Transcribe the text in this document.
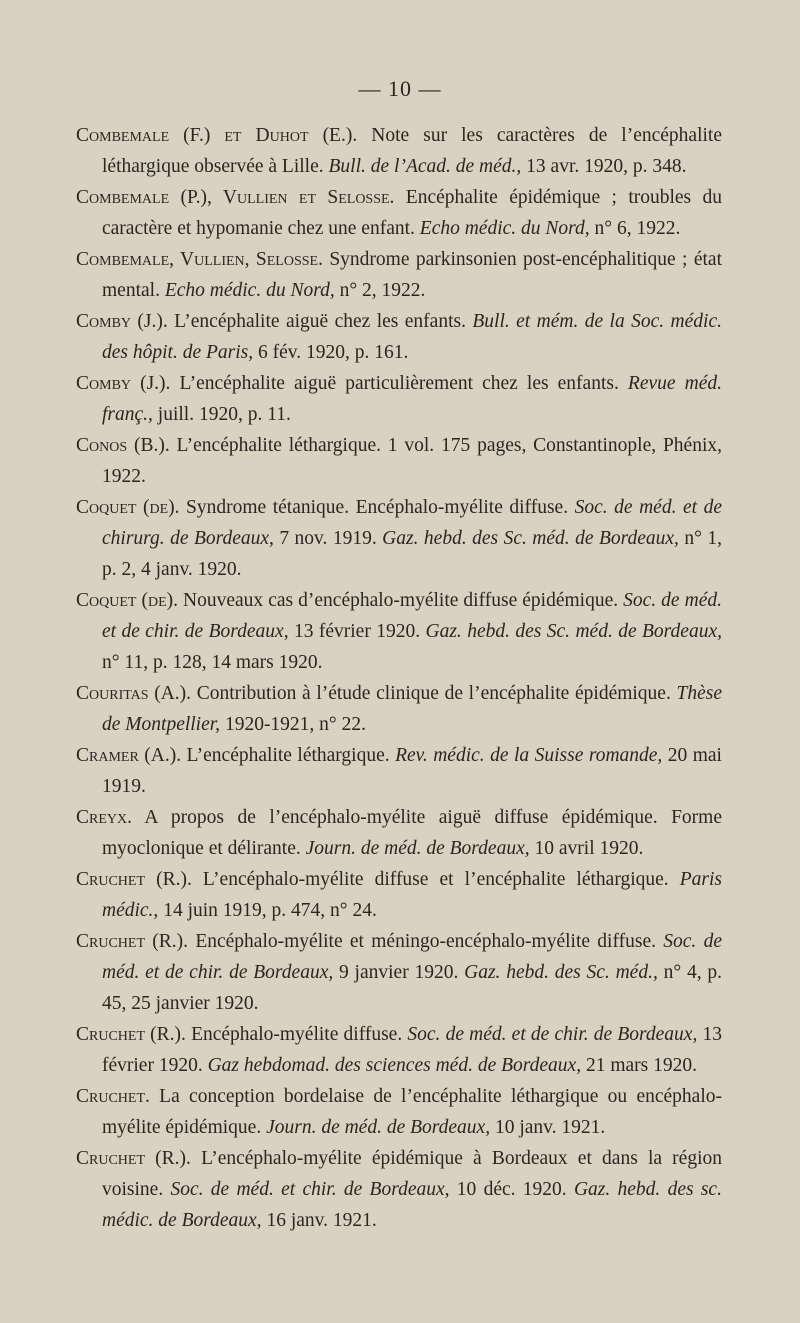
— 10 —
Combemale (F.) et Duhot (E.). Note sur les caractères de l’encéphalite léthargique observée à Lille. Bull. de l’Acad. de méd., 13 avr. 1920, p. 348.
Combemale (P.), Vullien et Selosse. Encéphalite épidémique ; troubles du caractère et hypomanie chez une enfant. Echo médic. du Nord, n° 6, 1922.
Combemale, Vullien, Selosse. Syndrome parkinsonien post-encéphalitique ; état mental. Echo médic. du Nord, n° 2, 1922.
Comby (J.). L’encéphalite aiguë chez les enfants. Bull. et mém. de la Soc. médic. des hôpit. de Paris, 6 fév. 1920, p. 161.
Comby (J.). L’encéphalite aiguë particulièrement chez les enfants. Revue méd. franç., juill. 1920, p. 11.
Conos (B.). L’encéphalite léthargique. 1 vol. 175 pages, Constantinople, Phénix, 1922.
Coquet (de). Syndrome tétanique. Encéphalo-myélite diffuse. Soc. de méd. et de chirurg. de Bordeaux, 7 nov. 1919. Gaz. hebd. des Sc. méd. de Bordeaux, n° 1, p. 2, 4 janv. 1920.
Coquet (de). Nouveaux cas d’encéphalo-myélite diffuse épidémique. Soc. de méd. et de chir. de Bordeaux, 13 février 1920. Gaz. hebd. des Sc. méd. de Bordeaux, n° 11, p. 128, 14 mars 1920.
Couritas (A.). Contribution à l’étude clinique de l’encéphalite épidémique. Thèse de Montpellier, 1920-1921, n° 22.
Cramer (A.). L’encéphalite léthargique. Rev. médic. de la Suisse romande, 20 mai 1919.
Creyx. A propos de l’encéphalo-myélite aiguë diffuse épidémique. Forme myoclonique et délirante. Journ. de méd. de Bordeaux, 10 avril 1920.
Cruchet (R.). L’encéphalo-myélite diffuse et l’encéphalite léthargique. Paris médic., 14 juin 1919, p. 474, n° 24.
Cruchet (R.). Encéphalo-myélite et méningo-encéphalo-myélite diffuse. Soc. de méd. et de chir. de Bordeaux, 9 janvier 1920. Gaz. hebd. des Sc. méd., n° 4, p. 45, 25 janvier 1920.
Cruchet (R.). Encéphalo-myélite diffuse. Soc. de méd. et de chir. de Bordeaux, 13 février 1920. Gaz hebdomad. des sciences méd. de Bordeaux, 21 mars 1920.
Cruchet. La conception bordelaise de l’encéphalite léthargique ou encéphalo-myélite épidémique. Journ. de méd. de Bordeaux, 10 janv. 1921.
Cruchet (R.). L’encéphalo-myélite épidémique à Bordeaux et dans la région voisine. Soc. de méd. et chir. de Bordeaux, 10 déc. 1920. Gaz. hebd. des sc. médic. de Bordeaux, 16 janv. 1921.
